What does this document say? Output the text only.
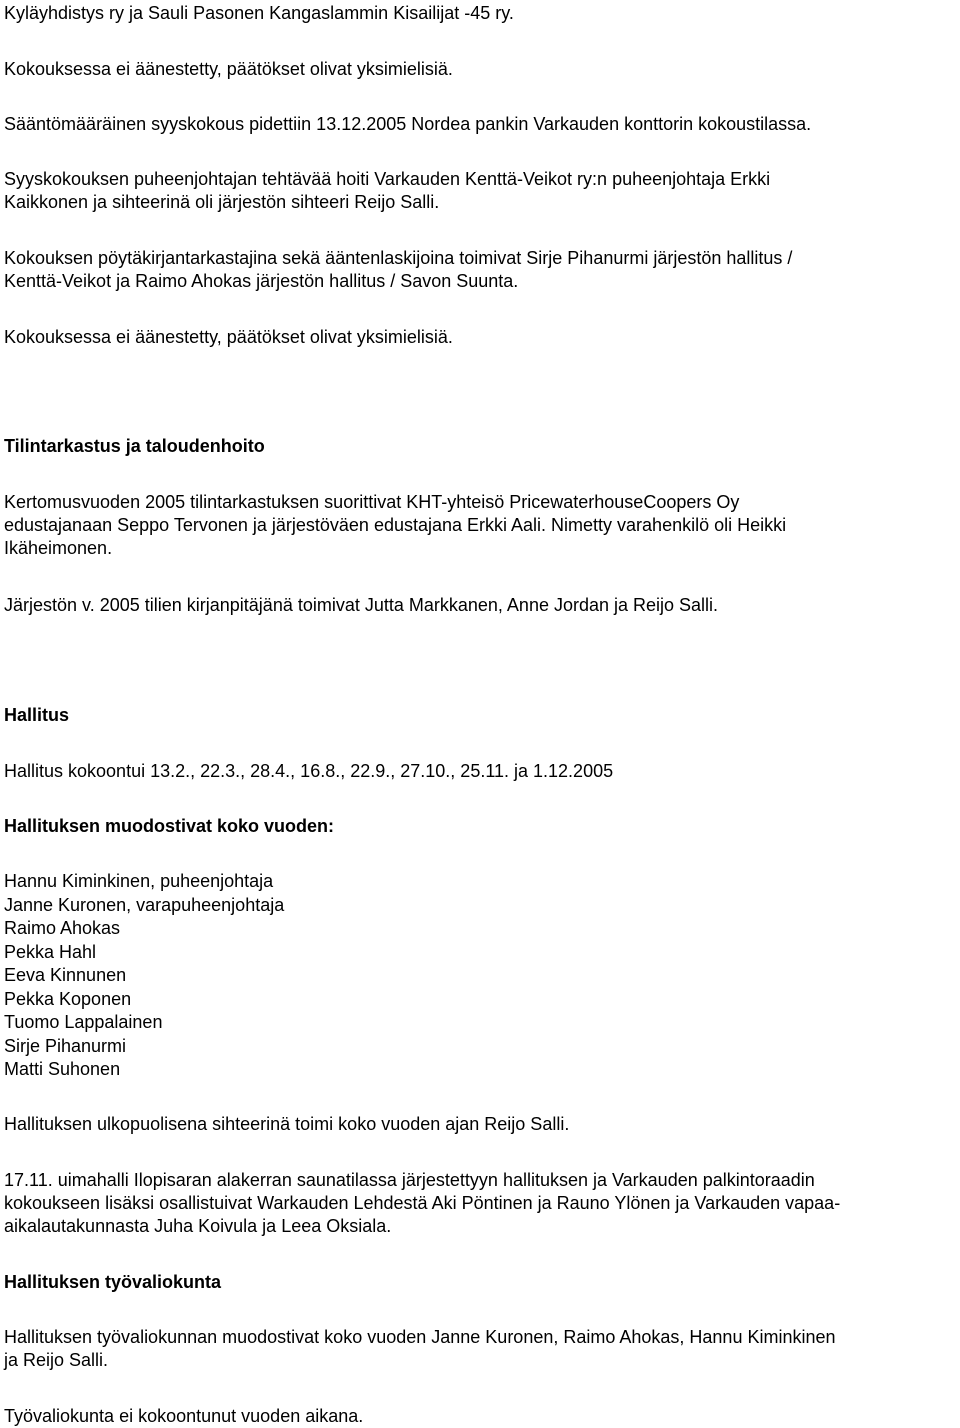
Kyläyhdistys ry ja Sauli Pasonen Kangaslammin Kisailijat -45 ry.
Kokouksessa ei äänestetty, päätökset olivat yksimielisiä.
Sääntömääräinen syyskokous pidettiin 13.12.2005 Nordea pankin Varkauden konttorin kokoustilassa.
Syyskokouksen puheenjohtajan tehtävää hoiti Varkauden Kenttä-Veikot ry:n puheenjohtaja Erkki
Kaikkonen ja sihteerinä oli järjestön sihteeri Reijo Salli.
Kokouksen pöytäkirjantarkastajina sekä ääntenlaskijoina toimivat Sirje Pihanurmi järjestön hallitus /
Kenttä-Veikot ja Raimo Ahokas järjestön hallitus / Savon Suunta.
Kokouksessa ei äänestetty, päätökset olivat yksimielisiä.
Tilintarkastus ja taloudenhoito
Kertomusvuoden 2005 tilintarkastuksen suorittivat KHT-yhteisö PricewaterhouseCoopers Oy
edustajanaan Seppo Tervonen ja järjestöväen edustajana Erkki Aali. Nimetty varahenkilö oli Heikki
Ikäheimonen.
Järjestön v. 2005 tilien kirjanpitäjänä toimivat Jutta Markkanen, Anne Jordan ja Reijo Salli.
Hallitus
Hallitus kokoontui 13.2., 22.3., 28.4., 16.8., 22.9., 27.10., 25.11. ja 1.12.2005
Hallituksen muodostivat koko vuoden:
Hannu Kiminkinen, puheenjohtaja
Janne Kuronen, varapuheenjohtaja
Raimo Ahokas
Pekka Hahl
Eeva Kinnunen
Pekka Koponen
Tuomo Lappalainen
Sirje Pihanurmi
Matti Suhonen
Hallituksen ulkopuolisena sihteerinä toimi koko vuoden ajan Reijo Salli.
17.11. uimahalli Ilopisaran alakerran saunatilassa järjestettyyn hallituksen ja Varkauden palkintoraadin
kokoukseen lisäksi osallistuivat Warkauden Lehdestä Aki Pöntinen ja Rauno Ylönen ja Varkauden vapaa-
aikalautakunnasta Juha Koivula ja Leea Oksiala.
Hallituksen työvaliokunta
Hallituksen työvaliokunnan muodostivat koko vuoden Janne Kuronen, Raimo Ahokas, Hannu Kiminkinen
ja Reijo Salli.
Työvaliokunta ei kokoontunut vuoden aikana.
